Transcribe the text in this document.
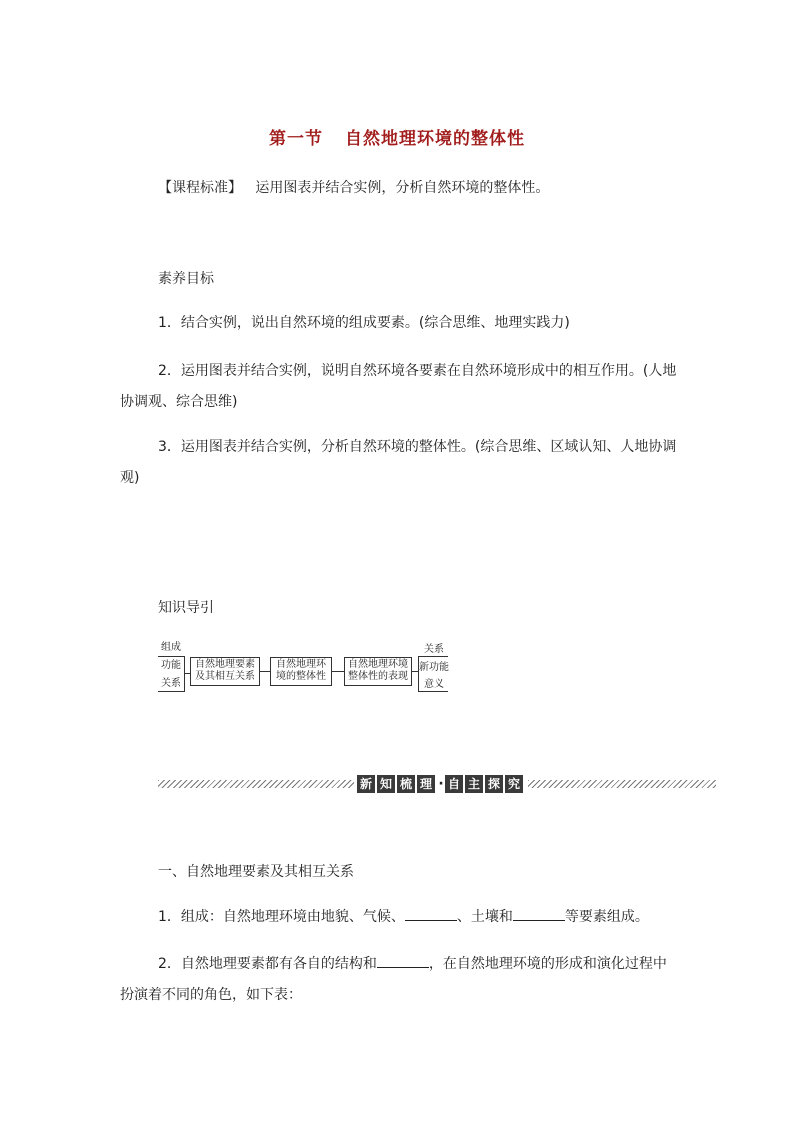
第一节 自然地理环境的整体性
【课程标准】 运用图表并结合实例，分析自然环境的整体性。
素养目标
1．结合实例，说出自然环境的组成要素。(综合思维、地理实践力)
2．运用图表并结合实例，说明自然环境各要素在自然环境形成中的相互作用。(人地协调观、综合思维)
3．运用图表并结合实例，分析自然环境的整体性。(综合思维、区域认知、人地协调观)
知识导引
组成
功能
关系
自然地理要素
及其相互关系
自然地理环
境的整体性
自然地理环境
整体性的表现
关系
新功能
意义
新 知 梳 理 · 自 主 探 究
一、自然地理要素及其相互关系
1．组成：自然地理环境由地貌、气候、	、土壤和	等要素组成。
2．自然地理要素都有各自的结构和	，在自然地理环境的形成和演化过程中扮演着不同的角色，如下表：
